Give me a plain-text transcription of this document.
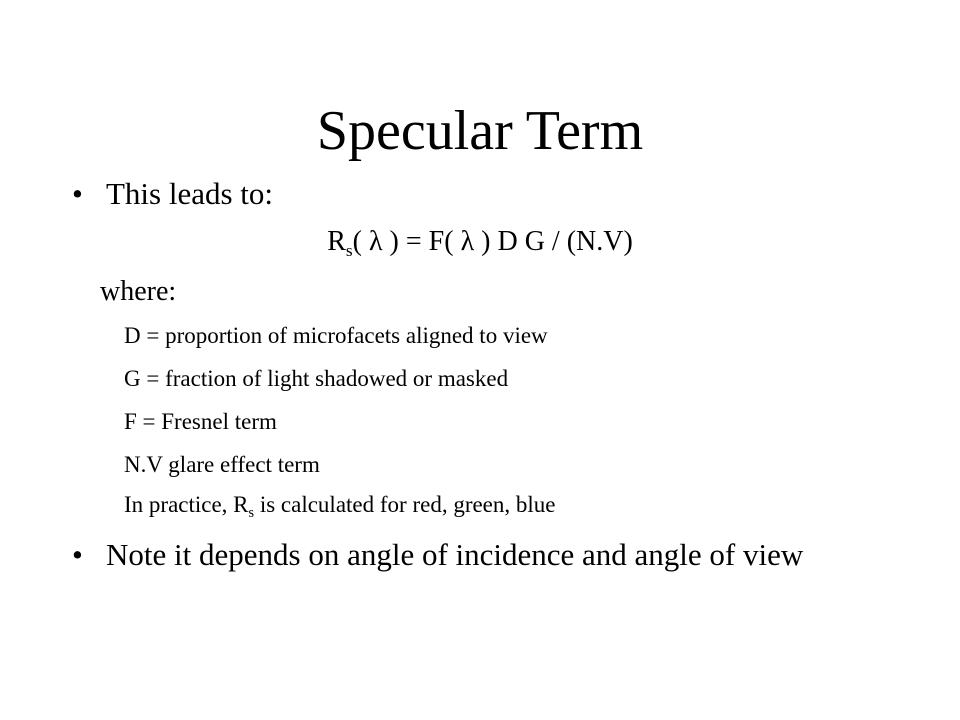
Specular Term
• This leads to:
$R_s$( λ ) = F( λ ) D G / (N.V)
where:
D = proportion of microfacets aligned to view
G = fraction of light shadowed or masked
F = Fresnel term
N.V glare effect term
In practice, $R_s$ is calculated for red, green, blue
• Note it depends on angle of incidence and angle of view
